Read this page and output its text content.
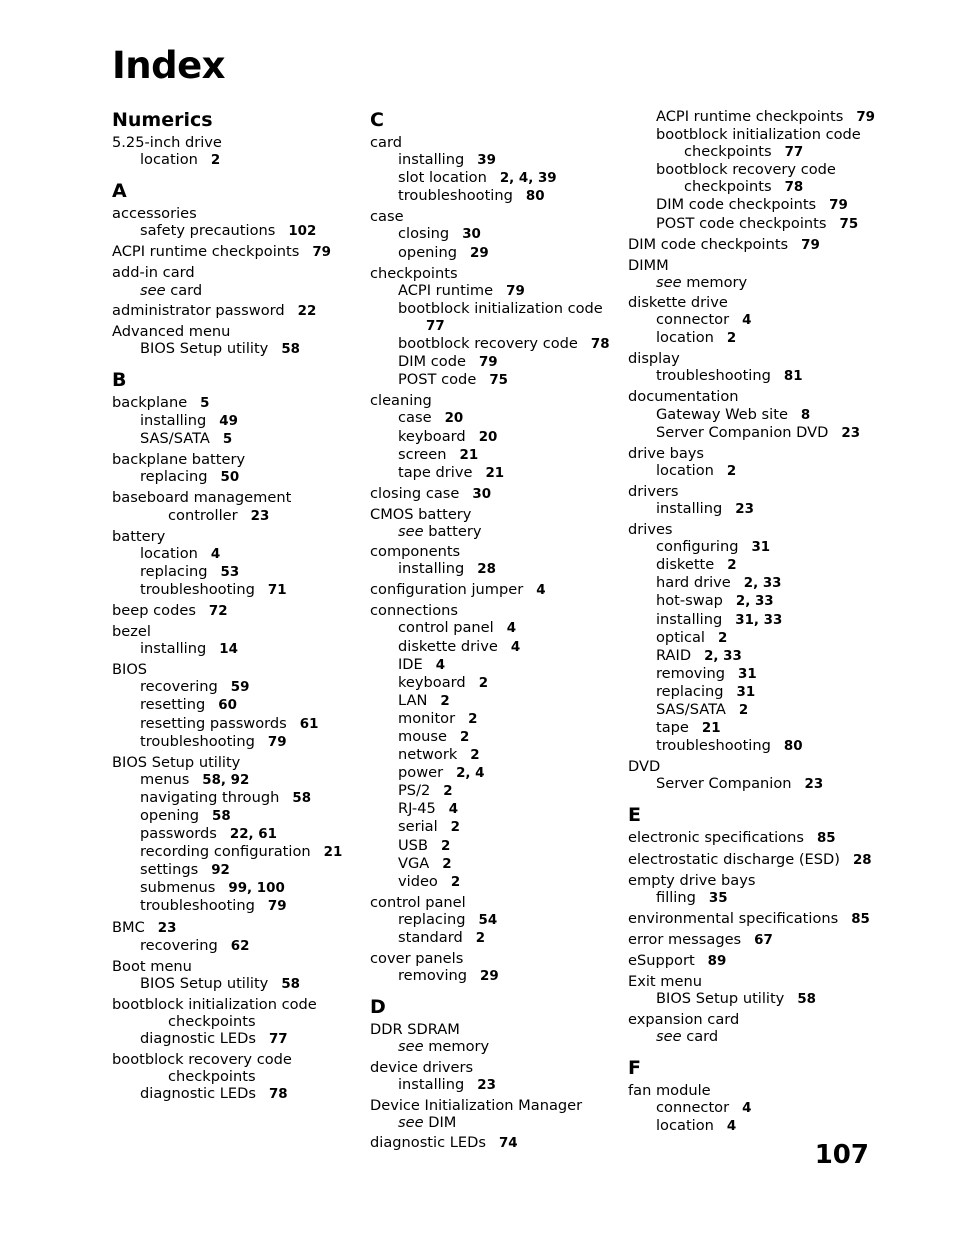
Index
Numerics
5.25-inch drive
location 2
A
accessories
safety precautions 102
ACPI runtime checkpoints 79
add-in card
see card
administrator password 22
Advanced menu
BIOS Setup utility 58
B
backplane 5
installing 49
SAS/SATA 5
backplane battery
replacing 50
baseboard management
controller 23
battery
location 4
replacing 53
troubleshooting 71
beep codes 72
bezel
installing 14
BIOS
recovering 59
resetting 60
resetting passwords 61
troubleshooting 79
BIOS Setup utility
menus 58, 92
navigating through 58
opening 58
passwords 22, 61
recording configuration 21
settings 92
submenus 99, 100
troubleshooting 79
BMC 23
recovering 62
Boot menu
BIOS Setup utility 58
bootblock initialization code
checkpoints
diagnostic LEDs 77
bootblock recovery code
checkpoints
diagnostic LEDs 78
C
card
installing 39
slot location 2, 4, 39
troubleshooting 80
case
closing 30
opening 29
checkpoints
ACPI runtime 79
bootblock initialization code
77
bootblock recovery code 78
DIM code 79
POST code 75
cleaning
case 20
keyboard 20
screen 21
tape drive 21
closing case 30
CMOS battery
see battery
components
installing 28
configuration jumper 4
connections
control panel 4
diskette drive 4
IDE 4
keyboard 2
LAN 2
monitor 2
mouse 2
network 2
power 2, 4
PS/2 2
RJ-45 4
serial 2
USB 2
VGA 2
video 2
control panel
replacing 54
standard 2
cover panels
removing 29
D
DDR SDRAM
see memory
device drivers
installing 23
Device Initialization Manager
see DIM
diagnostic LEDs 74
ACPI runtime checkpoints 79
bootblock initialization code
checkpoints 77
bootblock recovery code
checkpoints 78
DIM code checkpoints 79
POST code checkpoints 75
DIM code checkpoints 79
DIMM
see memory
diskette drive
connector 4
location 2
display
troubleshooting 81
documentation
Gateway Web site 8
Server Companion DVD 23
drive bays
location 2
drivers
installing 23
drives
configuring 31
diskette 2
hard drive 2, 33
hot-swap 2, 33
installing 31, 33
optical 2
RAID 2, 33
removing 31
replacing 31
SAS/SATA 2
tape 21
troubleshooting 80
DVD
Server Companion 23
E
electronic specifications 85
electrostatic discharge (ESD) 28
empty drive bays
filling 35
environmental specifications 85
error messages 67
eSupport 89
Exit menu
BIOS Setup utility 58
expansion card
see card
F
fan module
connector 4
location 4
107
